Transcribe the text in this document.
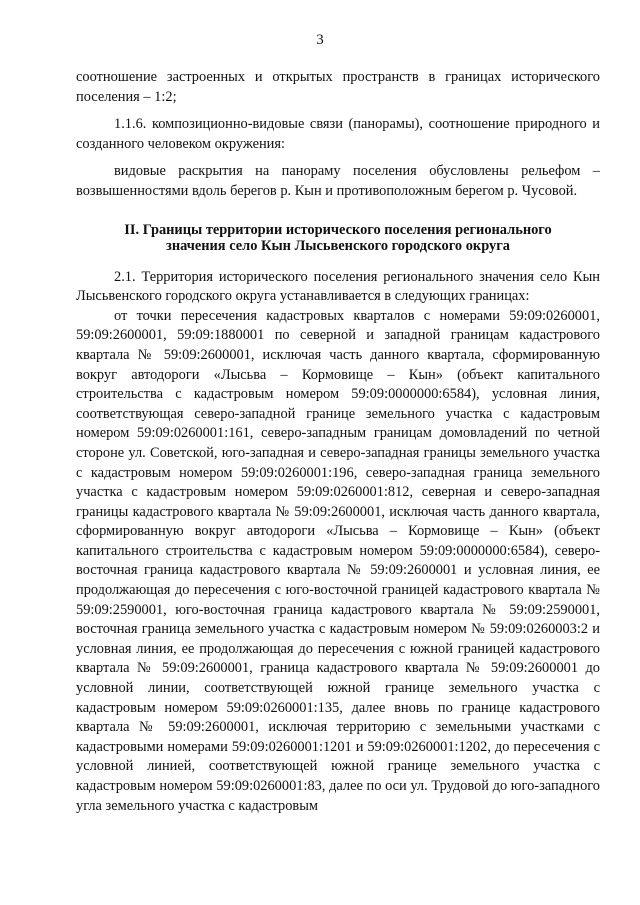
3

соотношение застроенных и открытых пространств в границах исторического поселения – 1:2;

1.1.6. композиционно-видовые связи (панорамы), соотношение природного и созданного человеком окружения:

видовые раскрытия на панораму поселения обусловлены рельефом – возвышенностями вдоль берегов р. Кын и противоположным берегом р. Чусовой.

II. Границы территории исторического поселения регионального
значения село Кын Лысьвенского городского округа

2.1. Территория исторического поселения регионального значения село Кын Лысьвенского городского округа устанавливается в следующих границах:

от точки пересечения кадастровых кварталов с номерами 59:09:0260001, 59:09:2600001, 59:09:1880001 по северной и западной границам кадастрового квартала № 59:09:2600001, исключая часть данного квартала, сформированную вокруг автодороги «Лысьва – Кормовище – Кын» (объект капитального строительства с кадастровым номером 59:09:0000000:6584), условная линия, соответствующая северо-западной границе земельного участка с кадастровым номером 59:09:0260001:161, северо-западным границам домовладений по четной стороне ул. Советской, юго-западная и северо-западная границы земельного участка с кадастровым номером 59:09:0260001:196, северо-западная граница земельного участка с кадастровым номером 59:09:0260001:812, северная и северо-западная границы кадастрового квартала № 59:09:2600001, исключая часть данного квартала, сформированную вокруг автодороги «Лысьва – Кормовище – Кын» (объект капитального строительства с кадастровым номером 59:09:0000000:6584), северо-восточная граница кадастрового квартала № 59:09:2600001 и условная линия, ее продолжающая до пересечения с юго-восточной границей кадастрового квартала № 59:09:2590001, юго-восточная граница кадастрового квартала № 59:09:2590001, восточная граница земельного участка с кадастровым номером № 59:09:0260003:2 и условная линия, ее продолжающая до пересечения с южной границей кадастрового квартала № 59:09:2600001, граница кадастрового квартала № 59:09:2600001 до условной линии, соответствующей южной границе земельного участка с кадастровым номером 59:09:0260001:135, далее вновь по границе кадастрового квартала № 59:09:2600001, исключая территорию с земельными участками с кадастровыми номерами 59:09:0260001:1201 и 59:09:0260001:1202, до пересечения с условной линией, соответствующей южной границе земельного участка с кадастровым номером 59:09:0260001:83, далее по оси ул. Трудовой до юго-западного угла земельного участка с кадастровым
